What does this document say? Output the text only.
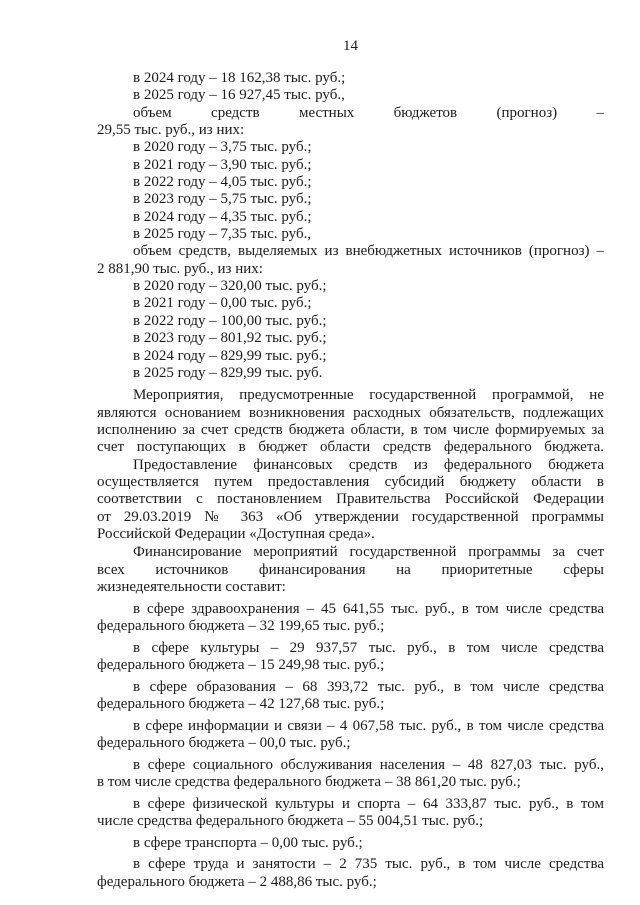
14
в 2024 году – 18 162,38 тыс. руб.;
в 2025 году – 16 927,45 тыс. руб.,
объем средств местных бюджетов (прогноз) –
29,55 тыс. руб., из них:
в 2020 году – 3,75 тыс. руб.;
в 2021 году – 3,90 тыс. руб.;
в 2022 году – 4,05 тыс. руб.;
в 2023 году – 5,75 тыс. руб.;
в 2024 году – 4,35 тыс. руб.;
в 2025 году – 7,35 тыс. руб.,
объем средств, выделяемых из внебюджетных источников (прогноз) –
2 881,90 тыс. руб., из них:
в 2020 году – 320,00 тыс. руб.;
в 2021 году – 0,00 тыс. руб.;
в 2022 году – 100,00 тыс. руб.;
в 2023 году – 801,92 тыс. руб.;
в 2024 году – 829,99 тыс. руб.;
в 2025 году – 829,99 тыс. руб.
Мероприятия, предусмотренные государственной программой, не
являются основанием возникновения расходных обязательств, подлежащих
исполнению за счет средств бюджета области, в том числе формируемых за
счет поступающих в бюджет области средств федерального бюджета.
Предоставление финансовых средств из федерального бюджета
осуществляется путем предоставления субсидий бюджету области в
соответствии с постановлением Правительства Российской Федерации
от 29.03.2019 № 363 «Об утверждении государственной программы
Российской Федерации «Доступная среда».
Финансирование мероприятий государственной программы за счет
всех источников финансирования на приоритетные сферы
жизнедеятельности составит:
в сфере здравоохранения – 45 641,55 тыс. руб., в том числе средства
федерального бюджета – 32 199,65 тыс. руб.;
в сфере культуры – 29 937,57 тыс. руб., в том числе средства
федерального бюджета – 15 249,98 тыс. руб.;
в сфере образования – 68 393,72 тыс. руб., в том числе средства
федерального бюджета – 42 127,68 тыс. руб.;
в сфере информации и связи – 4 067,58 тыс. руб., в том числе средства
федерального бюджета – 00,0 тыс. руб.;
в сфере социального обслуживания населения – 48 827,03 тыс. руб.,
в том числе средства федерального бюджета – 38 861,20 тыс. руб.;
в сфере физической культуры и спорта – 64 333,87 тыс. руб., в том
числе средства федерального бюджета – 55 004,51 тыс. руб.;
в сфере транспорта – 0,00 тыс. руб.;
в сфере труда и занятости – 2 735 тыс. руб., в том числе средства
федерального бюджета – 2 488,86 тыс. руб.;
